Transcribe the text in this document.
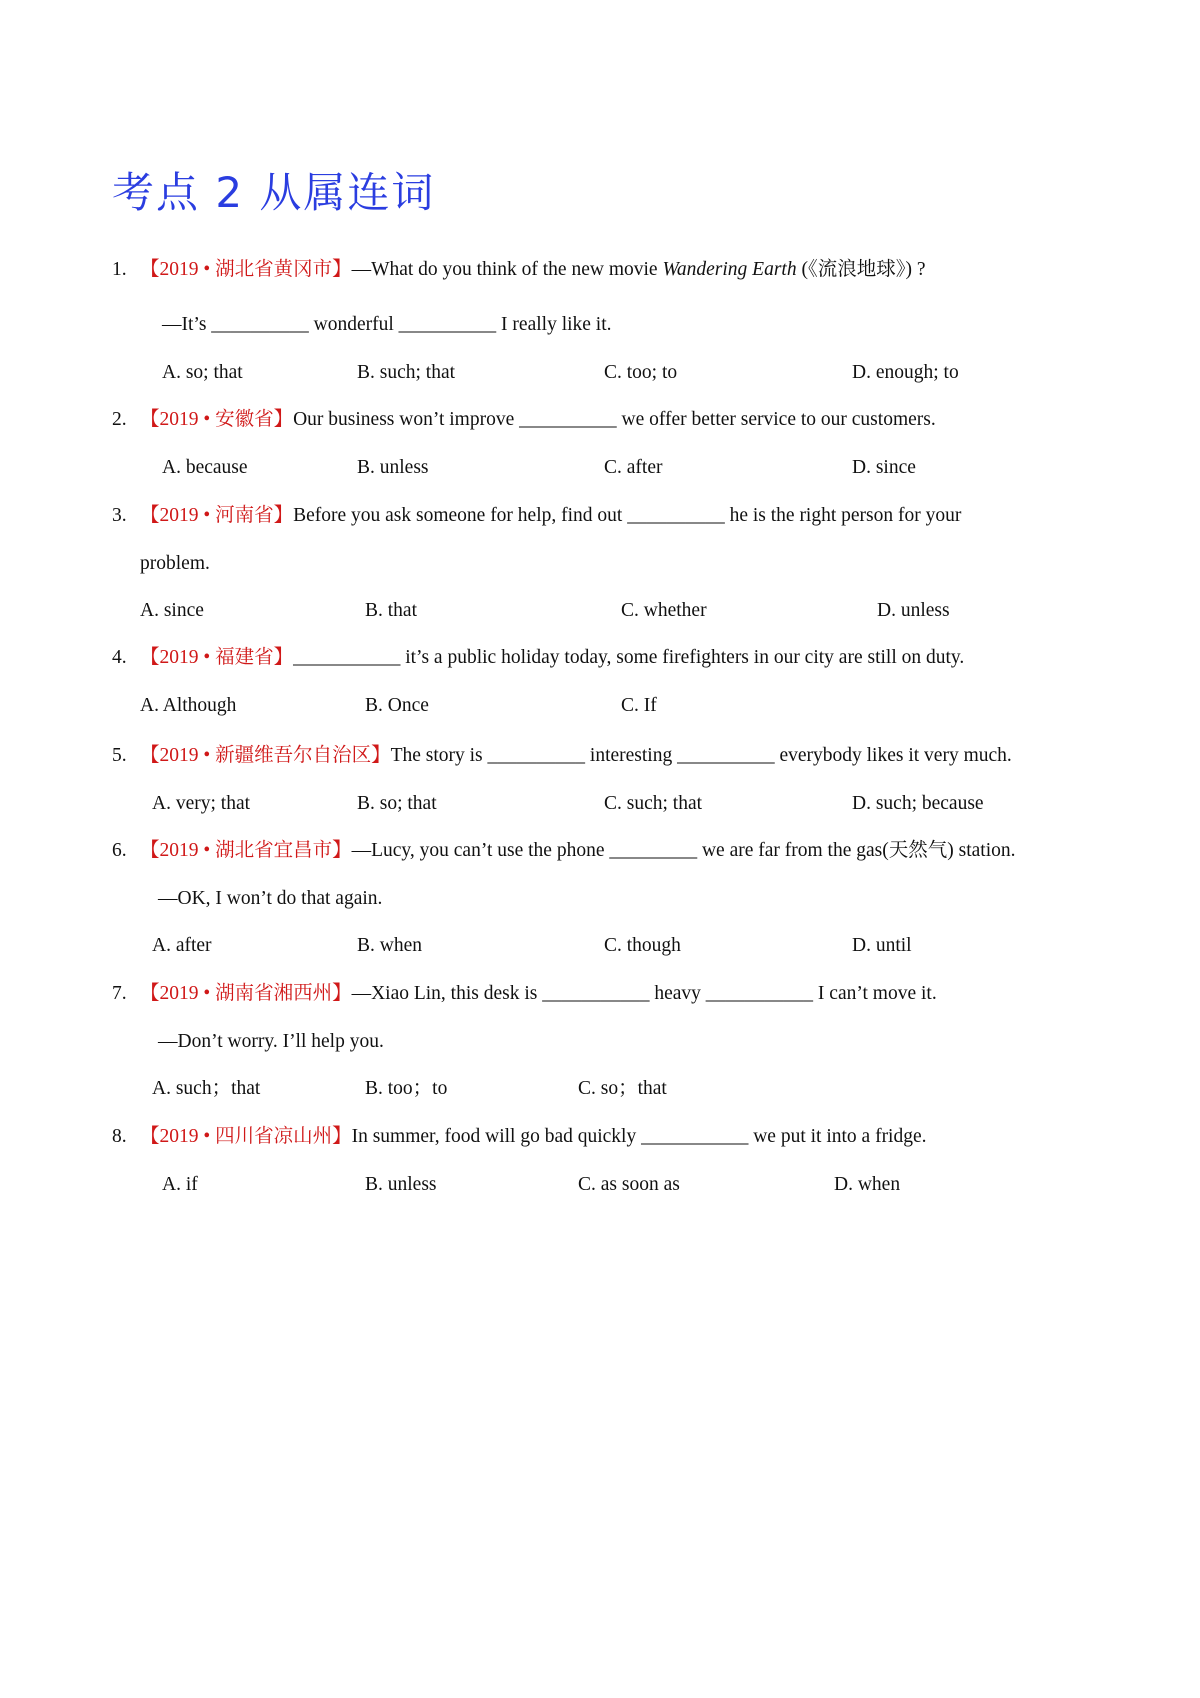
考点 2 从属连词
1. 【2019 • 湖北省黄冈市】—What do you think of the new movie Wandering Earth (《流浪地球》) ?
—It’s __________ wonderful __________ I really like it.
A. so; that	B. such; that	C. too; to	D. enough; to
2. 【2019 • 安徽省】Our business won’t improve __________ we offer better service to our customers.
A. because	B. unless	C. after	D. since
3. 【2019 • 河南省】Before you ask someone for help, find out __________ he is the right person for your
problem.
A. since	B. that	C. whether	D. unless
4. 【2019 • 福建省】___________ it’s a public holiday today, some firefighters in our city are still on duty.
A. Although	B. Once	C. If
5. 【2019 • 新疆维吾尔自治区】The story is __________ interesting __________ everybody likes it very much.
A. very; that	B. so; that	C. such; that	D. such; because
6. 【2019 • 湖北省宜昌市】—Lucy, you can’t use the phone _________ we are far from the gas(天然气) station.
—OK, I won’t do that again.
A. after	B. when	C. though	D. until
7. 【2019 • 湖南省湘西州】—Xiao Lin, this desk is ___________ heavy ___________ I can’t move it.
—Don’t worry. I’ll help you.
A. such；that	B. too；to	C. so；that
8. 【2019 • 四川省凉山州】In summer, food will go bad quickly ___________ we put it into a fridge.
A. if	B. unless	C. as soon as	D. when
